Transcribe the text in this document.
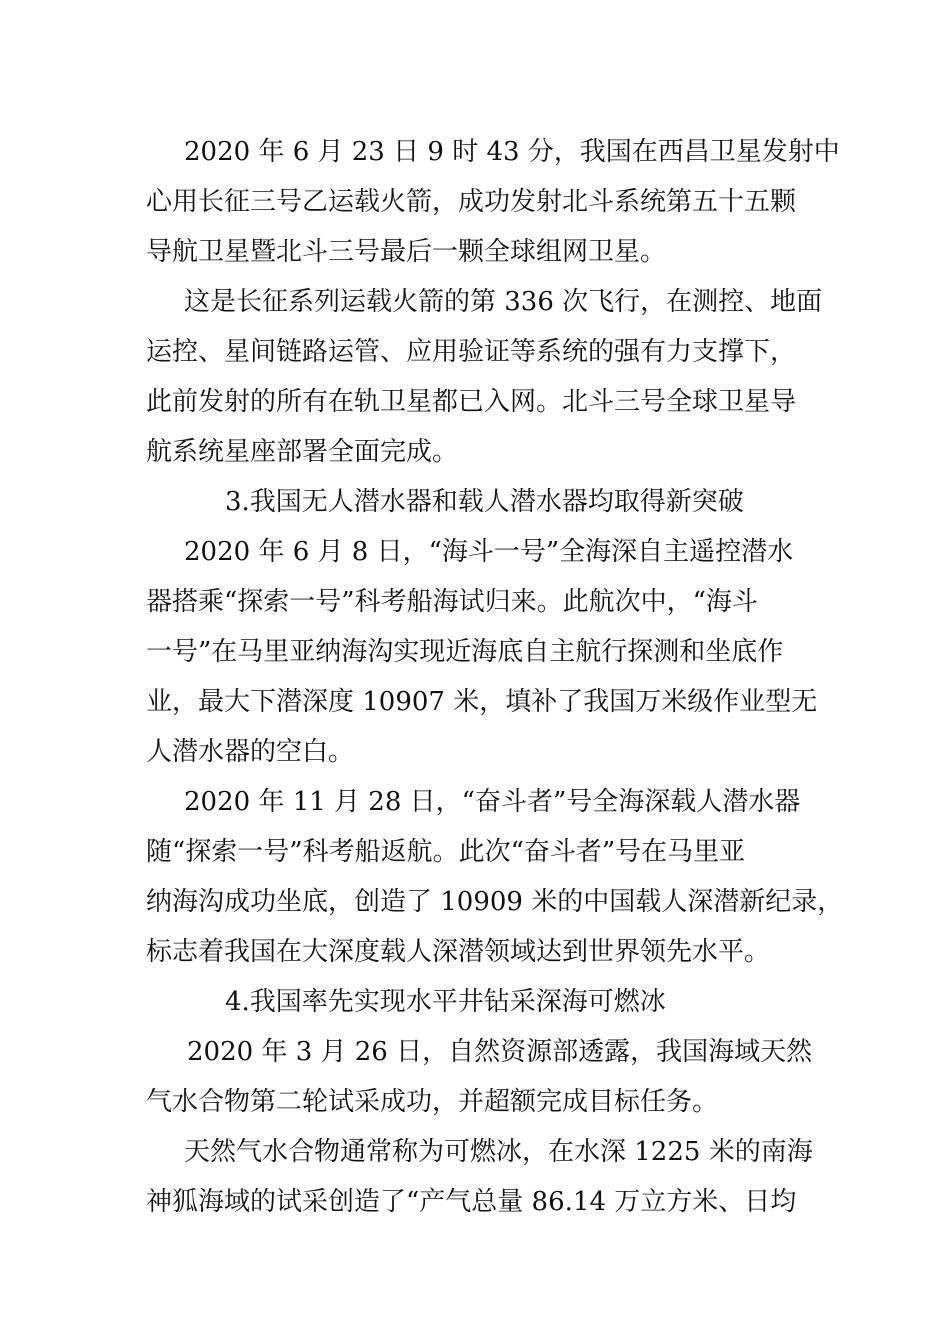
2020 年 6 月 23 日 9 时 43 分，我国在西昌卫星发射中
心用长征三号乙运载火箭，成功发射北斗系统第五十五颗
导航卫星暨北斗三号最后一颗全球组网卫星。
这是长征系列运载火箭的第 336 次飞行，在测控、地面
运控、星间链路运管、应用验证等系统的强有力支撑下，
此前发射的所有在轨卫星都已入网。北斗三号全球卫星导
航系统星座部署全面完成。
3.我国无人潜水器和载人潜水器均取得新突破
2020 年 6 月 8 日，“海斗一号”全海深自主遥控潜水
器搭乘“探索一号”科考船海试归来。此航次中，“海斗
一号”在马里亚纳海沟实现近海底自主航行探测和坐底作
业，最大下潜深度 10907 米，填补了我国万米级作业型无
人潜水器的空白。
2020 年 11 月 28 日，“奋斗者”号全海深载人潜水器
随“探索一号”科考船返航。此次“奋斗者”号在马里亚
纳海沟成功坐底，创造了 10909 米的中国载人深潜新纪录，
标志着我国在大深度载人深潜领域达到世界领先水平。
4.我国率先实现水平井钻采深海可燃冰
2020 年 3 月 26 日，自然资源部透露，我国海域天然
气水合物第二轮试采成功，并超额完成目标任务。
天然气水合物通常称为可燃冰，在水深 1225 米的南海
神狐海域的试采创造了“产气总量 86.14 万立方米、日均
